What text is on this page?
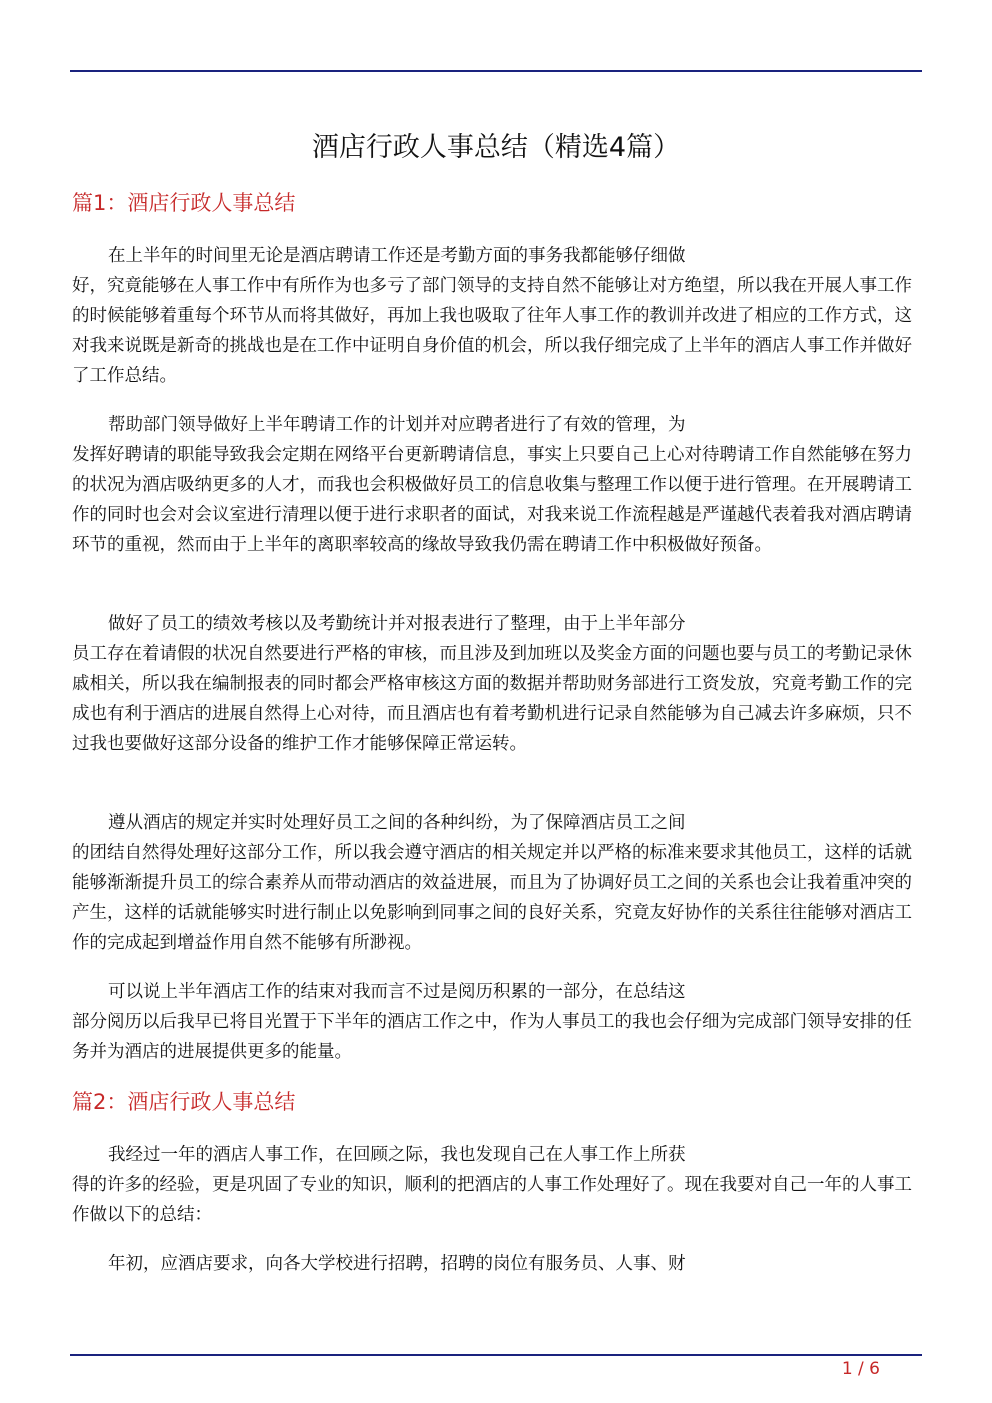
酒店行政人事总结（精选4篇）
篇1：酒店行政人事总结
在上半年的时间里无论是酒店聘请工作还是考勤方面的事务我都能够仔细做
好，究竟能够在人事工作中有所作为也多亏了部门领导的支持自然不能够让对方绝望，所以我在开展人事工作的时候能够着重每个环节从而将其做好，再加上我也吸取了往年人事工作的教训并改进了相应的工作方式，这对我来说既是新奇的挑战也是在工作中证明自身价值的机会，所以我仔细完成了上半年的酒店人事工作并做好了工作总结。
帮助部门领导做好上半年聘请工作的计划并对应聘者进行了有效的管理，为
发挥好聘请的职能导致我会定期在网络平台更新聘请信息，事实上只要自己上心对待聘请工作自然能够在努力的状况为酒店吸纳更多的人才，而我也会积极做好员工的信息收集与整理工作以便于进行管理。在开展聘请工作的同时也会对会议室进行清理以便于进行求职者的面试，对我来说工作流程越是严谨越代表着我对酒店聘请环节的重视，然而由于上半年的离职率较高的缘故导致我仍需在聘请工作中积极做好预备。
做好了员工的绩效考核以及考勤统计并对报表进行了整理，由于上半年部分
员工存在着请假的状况自然要进行严格的审核，而且涉及到加班以及奖金方面的问题也要与员工的考勤记录休戚相关，所以我在编制报表的同时都会严格审核这方面的数据并帮助财务部进行工资发放，究竟考勤工作的完成也有利于酒店的进展自然得上心对待，而且酒店也有着考勤机进行记录自然能够为自己减去许多麻烦，只不过我也要做好这部分设备的维护工作才能够保障正常运转。
遵从酒店的规定并实时处理好员工之间的各种纠纷，为了保障酒店员工之间
的团结自然得处理好这部分工作，所以我会遵守酒店的相关规定并以严格的标准来要求其他员工，这样的话就能够渐渐提升员工的综合素养从而带动酒店的效益进展，而且为了协调好员工之间的关系也会让我着重冲突的产生，这样的话就能够实时进行制止以免影响到同事之间的良好关系，究竟友好协作的关系往往能够对酒店工作的完成起到增益作用自然不能够有所渺视。
可以说上半年酒店工作的结束对我而言不过是阅历积累的一部分，在总结这
部分阅历以后我早已将目光置于下半年的酒店工作之中，作为人事员工的我也会仔细为完成部门领导安排的任务并为酒店的进展提供更多的能量。
篇2：酒店行政人事总结
我经过一年的酒店人事工作，在回顾之际，我也发现自己在人事工作上所获
得的许多的经验，更是巩固了专业的知识，顺利的把酒店的人事工作处理好了。现在我要对自己一年的人事工作做以下的总结：
年初，应酒店要求，向各大学校进行招聘，招聘的岗位有服务员、人事、财
1 / 6
